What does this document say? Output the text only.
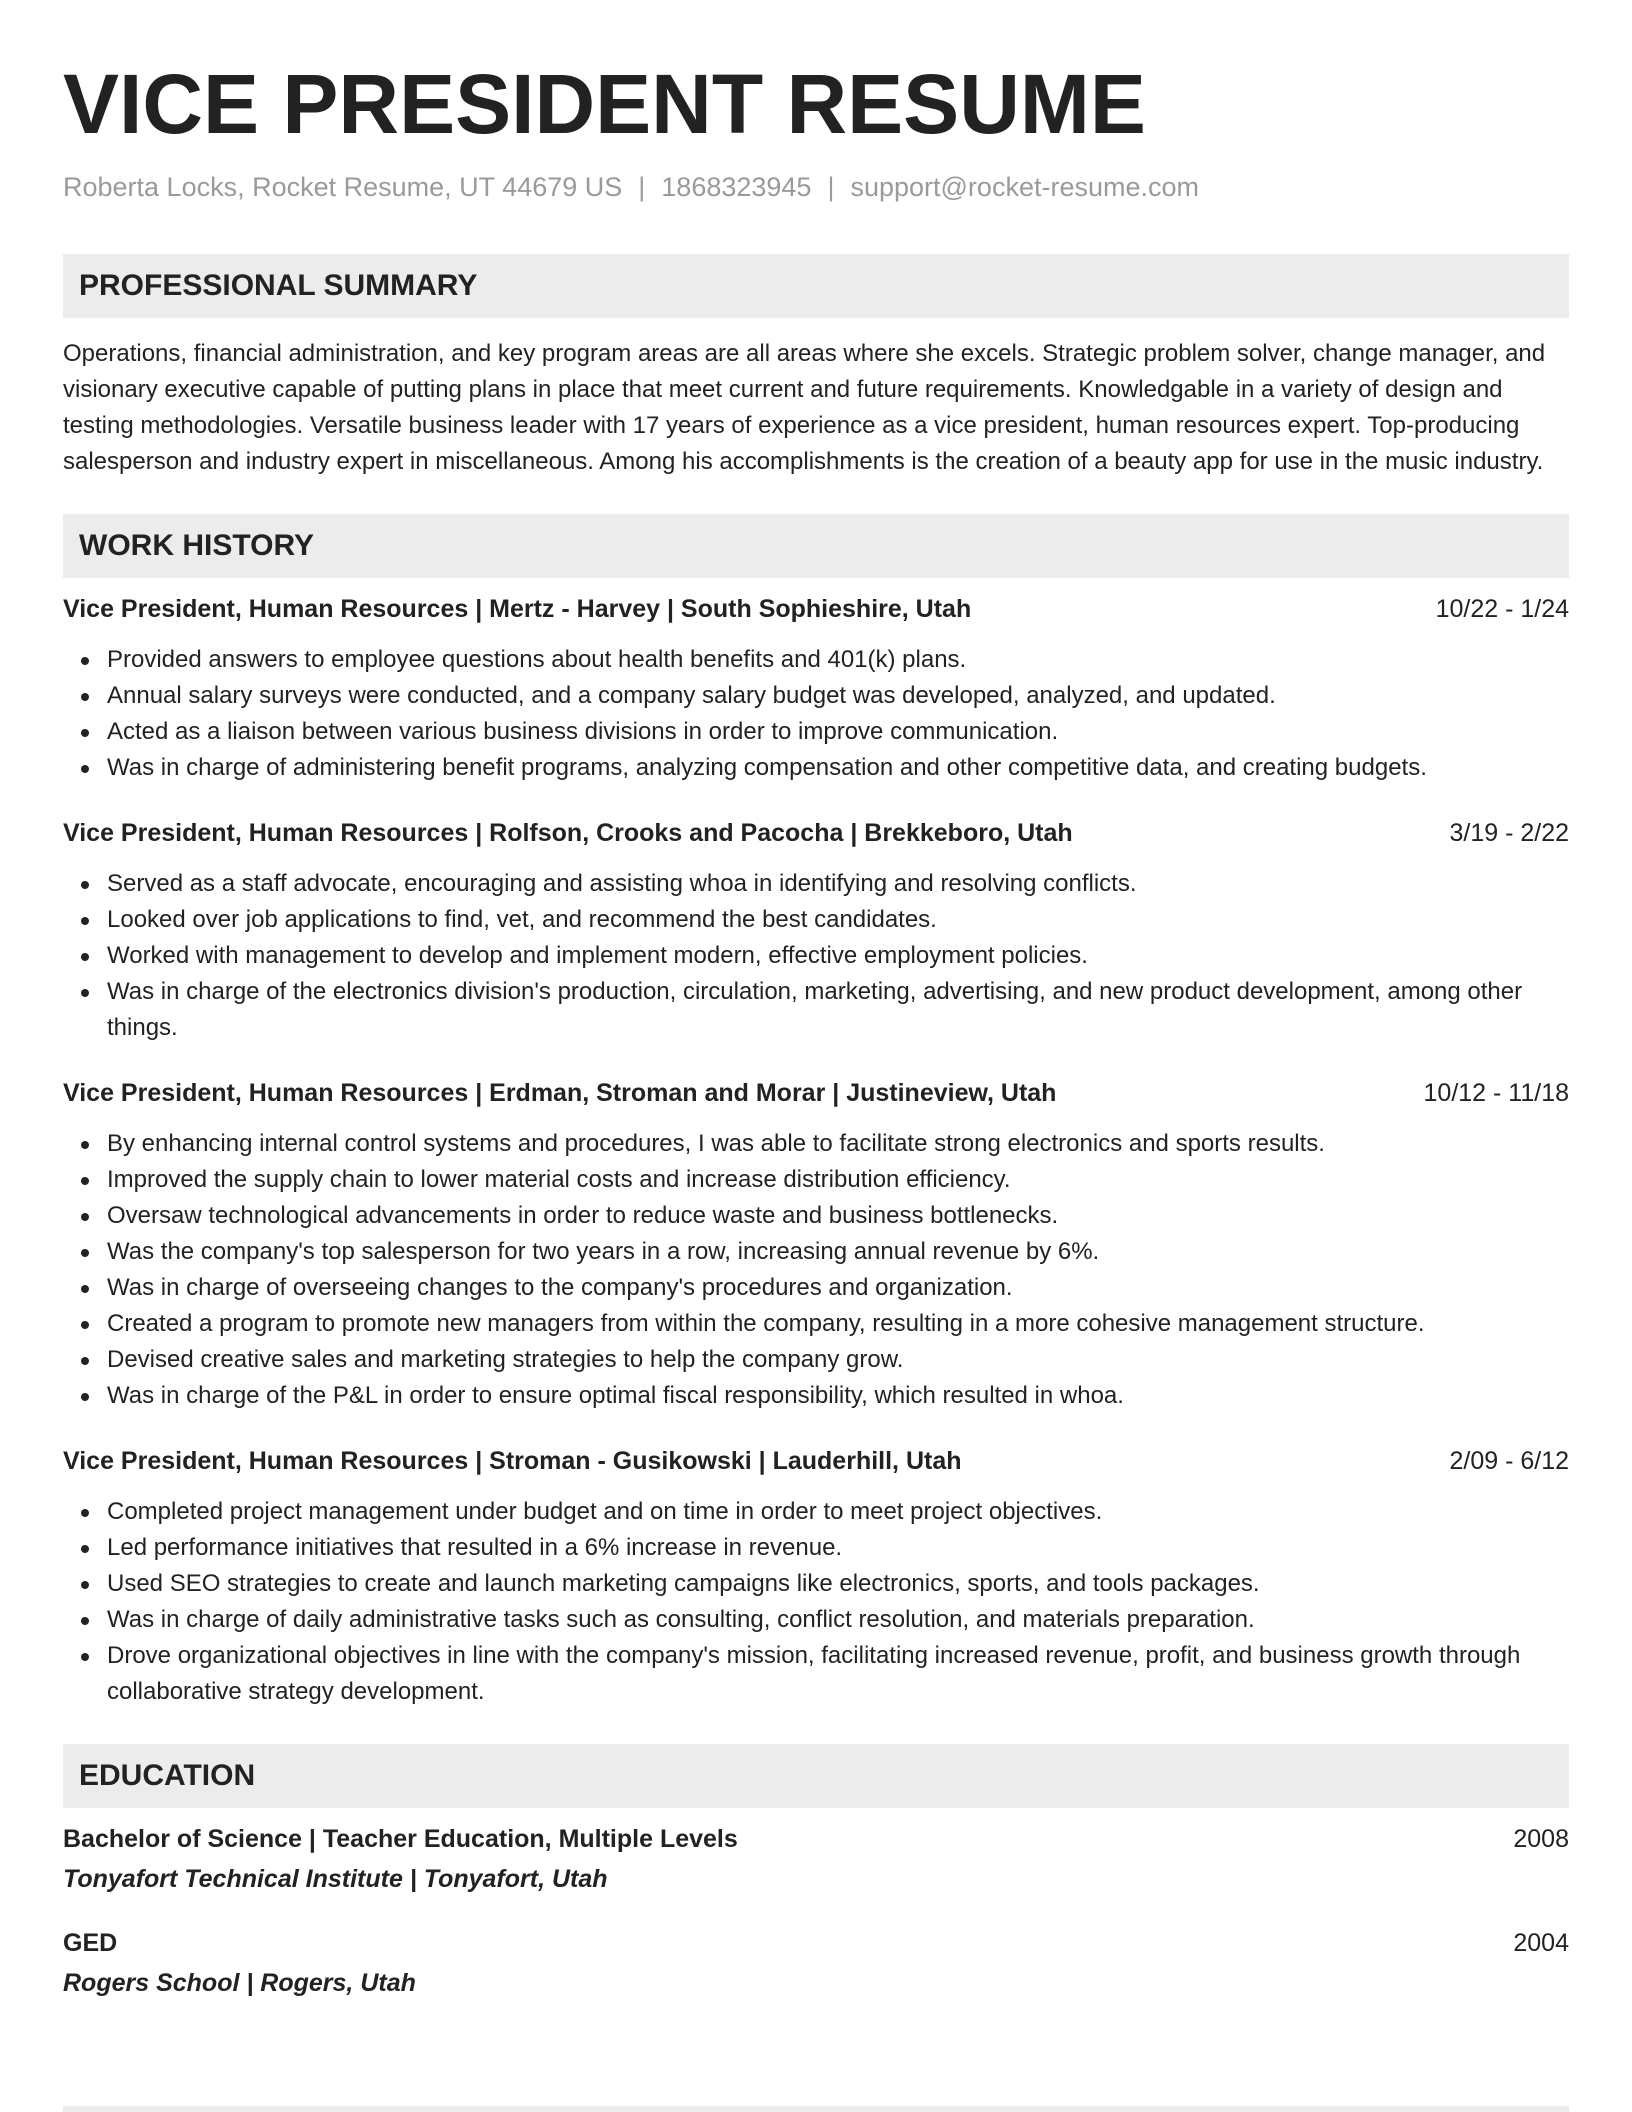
VICE PRESIDENT RESUME
Roberta Locks, Rocket Resume, UT 44679 US | 1868323945 | support@rocket-resume.com
PROFESSIONAL SUMMARY

Operations, financial administration, and key program areas are all areas where she excels. Strategic problem solver, change manager, and visionary executive capable of putting plans in place that meet current and future requirements. Knowledgable in a variety of design and testing methodologies. Versatile business leader with 17 years of experience as a vice president, human resources expert. Top-producing salesperson and industry expert in miscellaneous. Among his accomplishments is the creation of a beauty app for use in the music industry.

WORK HISTORY
Vice President, Human Resources | Mertz - Harvey | South Sophieshire, Utah	10/22 - 1/24
Provided answers to employee questions about health benefits and 401(k) plans.
Annual salary surveys were conducted, and a company salary budget was developed, analyzed, and updated.
Acted as a liaison between various business divisions in order to improve communication.
Was in charge of administering benefit programs, analyzing compensation and other competitive data, and creating budgets.
Vice President, Human Resources | Rolfson, Crooks and Pacocha | Brekkeboro, Utah	3/19 - 2/22
Served as a staff advocate, encouraging and assisting whoa in identifying and resolving conflicts.
Looked over job applications to find, vet, and recommend the best candidates.
Worked with management to develop and implement modern, effective employment policies.
Was in charge of the electronics division's production, circulation, marketing, advertising, and new product development, among other things.
Vice President, Human Resources | Erdman, Stroman and Morar | Justineview, Utah	10/12 - 11/18
By enhancing internal control systems and procedures, I was able to facilitate strong electronics and sports results.
Improved the supply chain to lower material costs and increase distribution efficiency.
Oversaw technological advancements in order to reduce waste and business bottlenecks.
Was the company's top salesperson for two years in a row, increasing annual revenue by 6%.
Was in charge of overseeing changes to the company's procedures and organization.
Created a program to promote new managers from within the company, resulting in a more cohesive management structure.
Devised creative sales and marketing strategies to help the company grow.
Was in charge of the P&L in order to ensure optimal fiscal responsibility, which resulted in whoa.
Vice President, Human Resources | Stroman - Gusikowski | Lauderhill, Utah	2/09 - 6/12
Completed project management under budget and on time in order to meet project objectives.
Led performance initiatives that resulted in a 6% increase in revenue.
Used SEO strategies to create and launch marketing campaigns like electronics, sports, and tools packages.
Was in charge of daily administrative tasks such as consulting, conflict resolution, and materials preparation.
Drove organizational objectives in line with the company's mission, facilitating increased revenue, profit, and business growth through collaborative strategy development.
EDUCATION
Bachelor of Science | Teacher Education, Multiple Levels	2008
Tonyafort Technical Institute | Tonyafort, Utah
GED	2004
Rogers School | Rogers, Utah
